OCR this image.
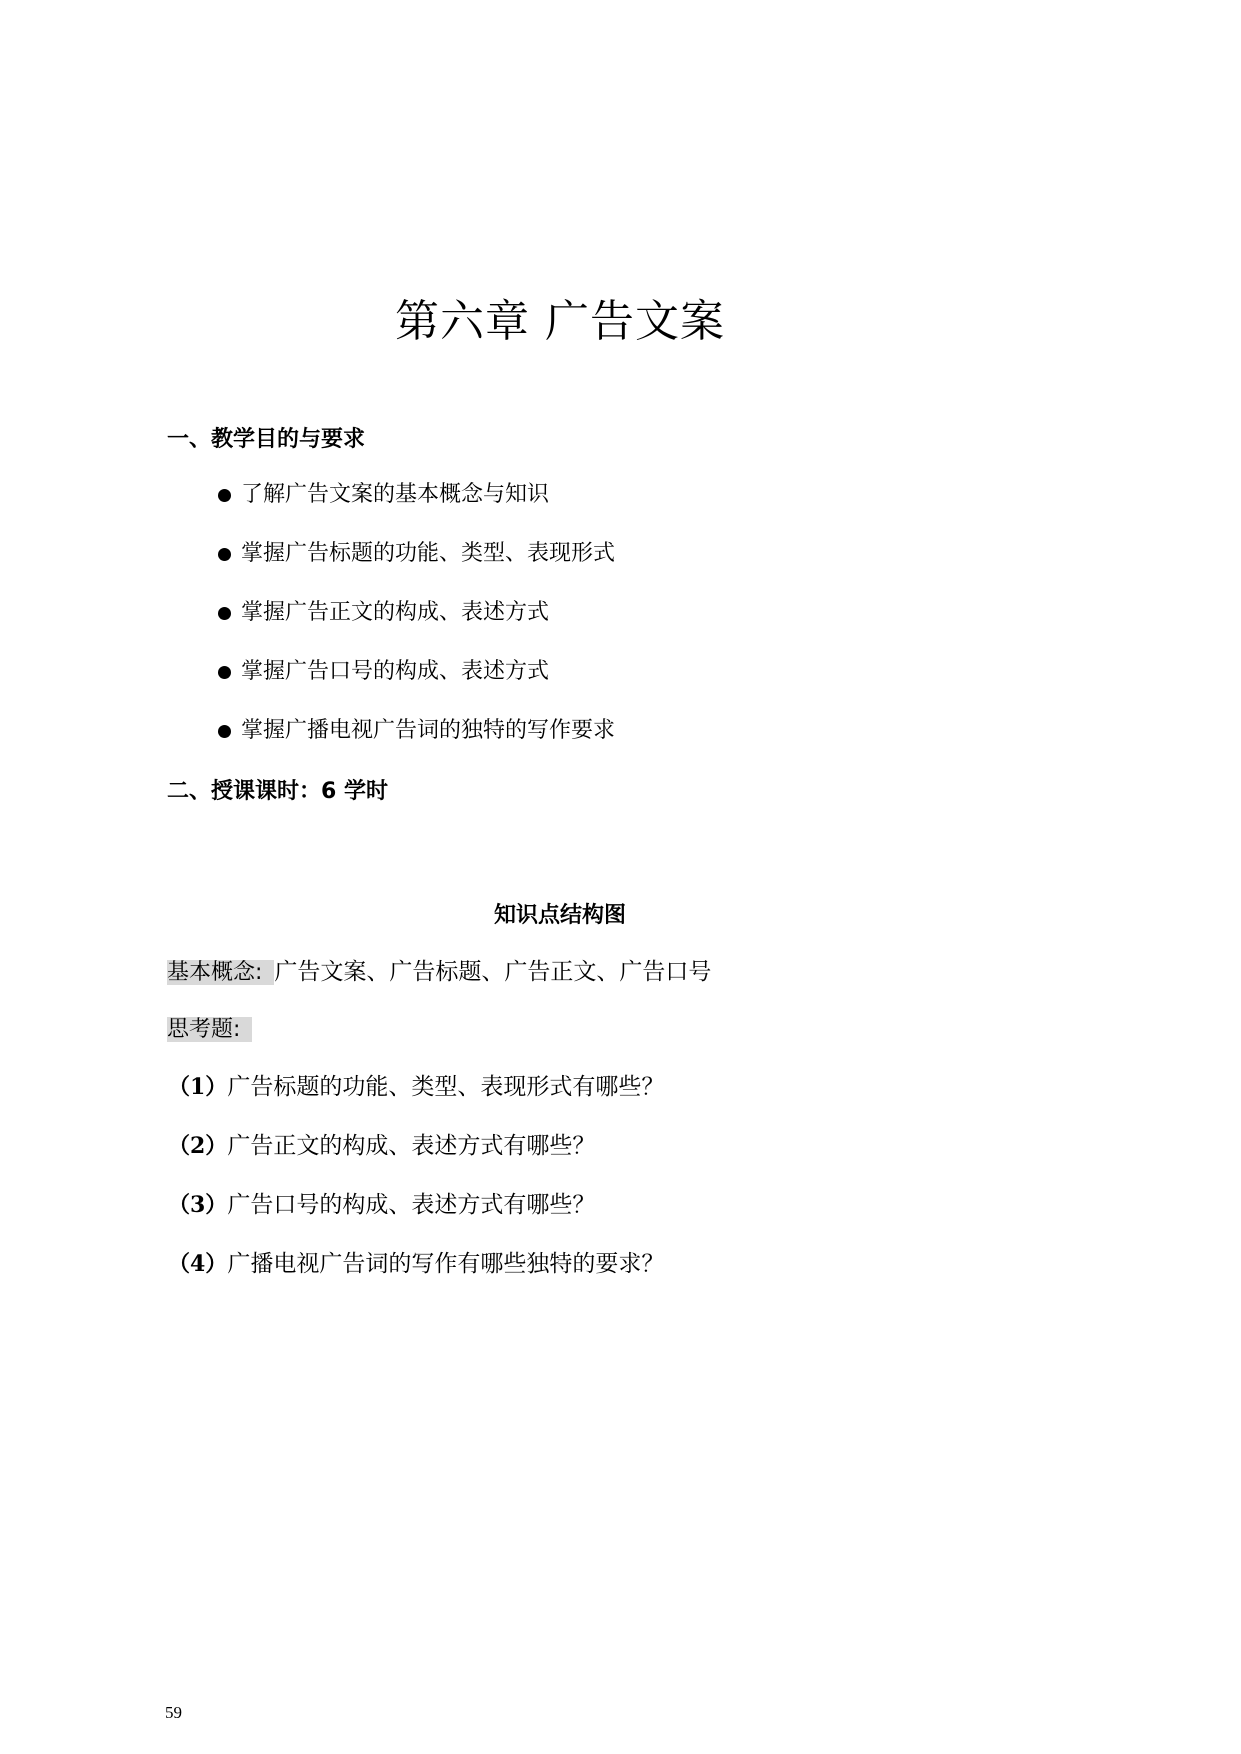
第六章 广告文案
一、教学目的与要求
了解广告文案的基本概念与知识
掌握广告标题的功能、类型、表现形式
掌握广告正文的构成、表述方式
掌握广告口号的构成、表述方式
掌握广播电视广告词的独特的写作要求
二、授课课时：6 学时
知识点结构图

基本概念: 广告文案、广告标题、广告正文、广告口号

思考题:

（1）广告标题的功能、类型、表现形式有哪些？
（2）广告正文的构成、表述方式有哪些？
（3）广告口号的构成、表述方式有哪些？
（4）广播电视广告词的写作有哪些独特的要求？
59
